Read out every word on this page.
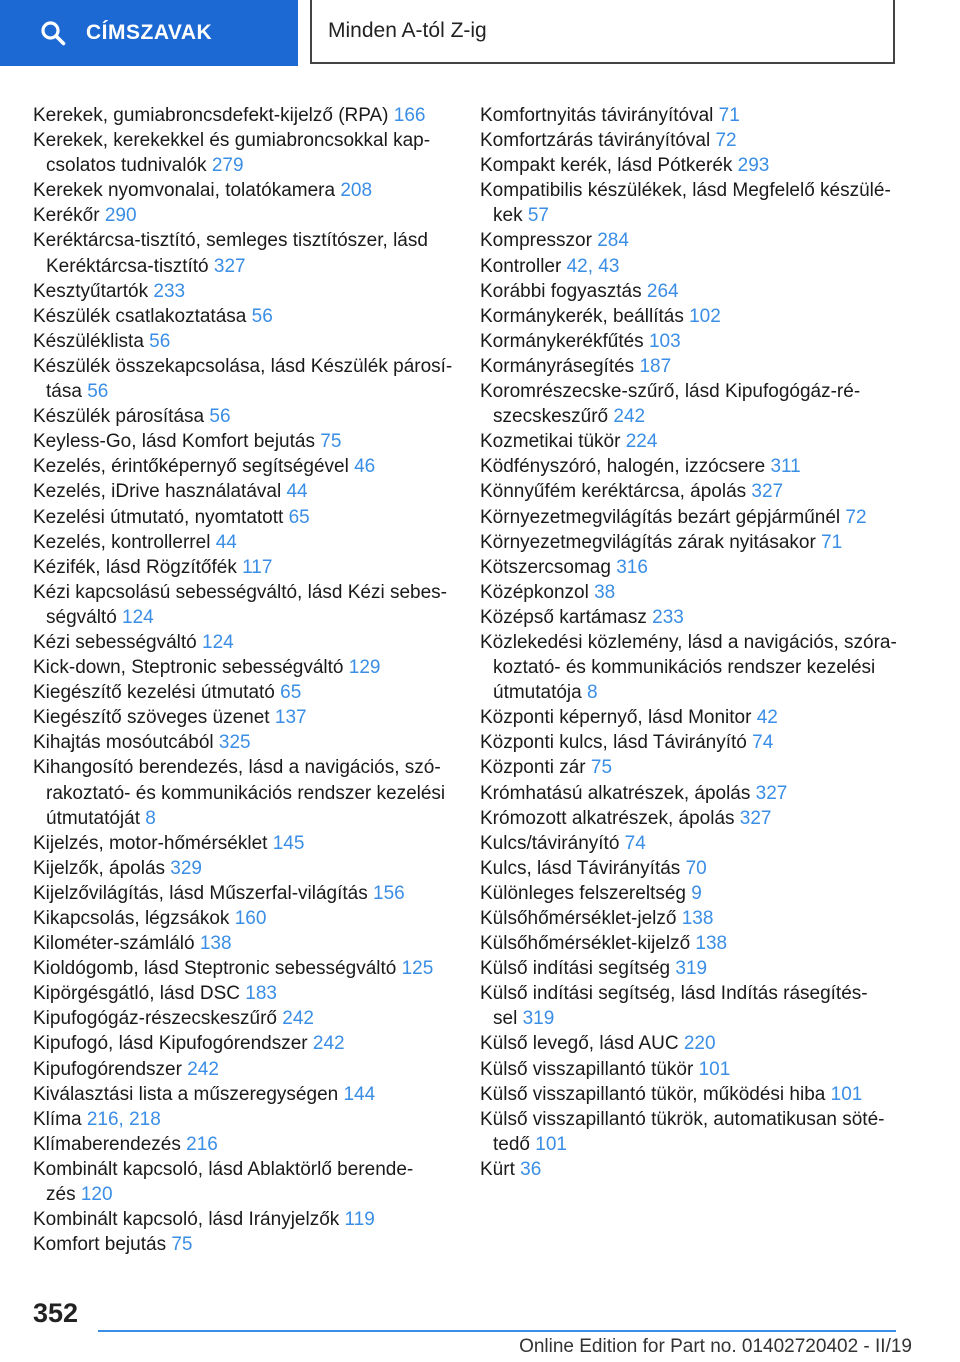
CÍMSZAVAK	Minden A-tól Z-ig
Kerekek, gumiabroncsdefekt-kijelző (RPA) 166
Kerekek, kerekekkel és gumiabroncsokkal kap-
csolatos tudnivalók 279
Kerekek nyomvonalai, tolatókamera 208
Kerékőr 290
Keréktárcsa-tisztító, semleges tisztítószer, lásd
Keréktárcsa-tisztító 327
Kesztyűtartók 233
Készülék csatlakoztatása 56
Készüléklista 56
Készülék összekapcsolása, lásd Készülék párosí-
tása 56
Készülék párosítása 56
Keyless-Go, lásd Komfort bejutás 75
Kezelés, érintőképernyő segítségével 46
Kezelés, iDrive használatával 44
Kezelési útmutató, nyomtatott 65
Kezelés, kontrollerrel 44
Kézifék, lásd Rögzítőfék 117
Kézi kapcsolású sebességváltó, lásd Kézi sebes-
ségváltó 124
Kézi sebességváltó 124
Kick-down, Steptronic sebességváltó 129
Kiegészítő kezelési útmutató 65
Kiegészítő szöveges üzenet 137
Kihajtás mosóutcából 325
Kihangosító berendezés, lásd a navigációs, szó-
rakoztató- és kommunikációs rendszer kezelési
útmutatóját 8
Kijelzés, motor-hőmérséklet 145
Kijelzők, ápolás 329
Kijelzővilágítás, lásd Műszerfal-világítás 156
Kikapcsolás, légzsákok 160
Kilométer-számláló 138
Kioldógomb, lásd Steptronic sebességváltó 125
Kipörgésgátló, lásd DSC 183
Kipufogógáz-részecskeszűrő 242
Kipufogó, lásd Kipufogórendszer 242
Kipufogórendszer 242
Kiválasztási lista a műszeregységen 144
Klíma 216, 218
Klímaberendezés 216
Kombinált kapcsoló, lásd Ablaktörlő berende-
zés 120
Kombinált kapcsoló, lásd Irányjelzők 119
Komfort bejutás 75
Komfortnyitás távirányítóval 71
Komfortzárás távirányítóval 72
Kompakt kerék, lásd Pótkerék 293
Kompatibilis készülékek, lásd Megfelelő készülé-
kek 57
Kompresszor 284
Kontroller 42, 43
Korábbi fogyasztás 264
Kormánykerék, beállítás 102
Kormánykerékfűtés 103
Kormányrásegítés 187
Koromrészecske-szűrő, lásd Kipufogógáz-ré-
szecskeszűrő 242
Kozmetikai tükör 224
Ködfényszóró, halogén, izzócsere 311
Könnyűfém keréktárcsa, ápolás 327
Környezetmegvilágítás bezárt gépjárműnél 72
Környezetmegvilágítás zárak nyitásakor 71
Kötszercsomag 316
Középkonzol 38
Középső kartámasz 233
Közlekedési közlemény, lásd a navigációs, szóra-
koztató- és kommunikációs rendszer kezelési
útmutatója 8
Központi képernyő, lásd Monitor 42
Központi kulcs, lásd Távirányító 74
Központi zár 75
Krómhatású alkatrészek, ápolás 327
Krómozott alkatrészek, ápolás 327
Kulcs/távirányító 74
Kulcs, lásd Távirányítás 70
Különleges felszereltség 9
Külsőhőmérséklet-jelző 138
Külsőhőmérséklet-kijelző 138
Külső indítási segítség 319
Külső indítási segítség, lásd Indítás rásegítés-
sel 319
Külső levegő, lásd AUC 220
Külső visszapillantó tükör 101
Külső visszapillantó tükör, működési hiba 101
Külső visszapillantó tükrök, automatikusan söté-
tedő 101
Kürt 36
352
Online Edition for Part no. 01402720402 - II/19
